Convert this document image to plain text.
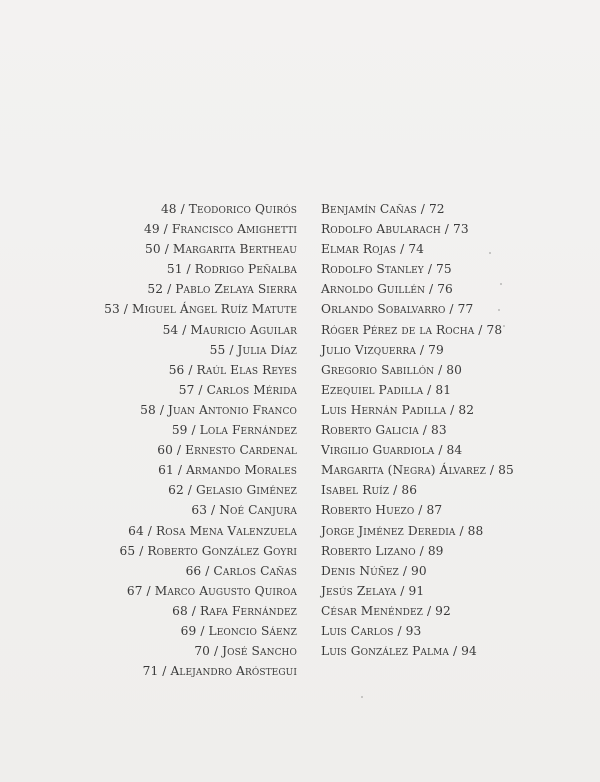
48 / Teodorico Quirós
49 / Francisco Amighetti
50 / Margarita Bertheau
51 / Rodrigo Peñalba
52 / Pablo Zelaya Sierra
53 / Miguel Ángel Ruíz Matute
54 / Mauricio Aguilar
55 / Julia Díaz
56 / Raúl Elas Reyes
57 / Carlos Mérida
58 / Juan Antonio Franco
59 / Lola Fernández
60 / Ernesto Cardenal
61 / Armando Morales
62 / Gelasio Giménez
63 / Noé Canjura
64 / Rosa Mena Valenzuela
65 / Roberto González Goyri
66 / Carlos Cañas
67 / Marco Augusto Quiroa
68 / Rafa Fernández
69 / Leoncio Sáenz
70 / José Sancho
71 / Alejandro Aróstegui
Benjamín Cañas / 72
Rodolfo Abularach / 73
Elmar Rojas / 74
Rodolfo Stanley / 75
Arnoldo Guillén / 76
Orlando Sobalvarro / 77
Róger Pérez de la Rocha / 78
Julio Vizquerra / 79
Gregorio Sabillón / 80
Ezequiel Padilla / 81
Luis Hernán Padilla / 82
Roberto Galicia / 83
Virgilio Guardiola / 84
Margarita (Negra) Álvarez / 85
Isabel Ruíz / 86
Roberto Huezo / 87
Jorge Jiménez Deredia / 88
Roberto Lizano / 89
Denis Núñez / 90
Jesús Zelaya / 91
César Menéndez / 92
Luis Carlos / 93
Luis González Palma / 94
